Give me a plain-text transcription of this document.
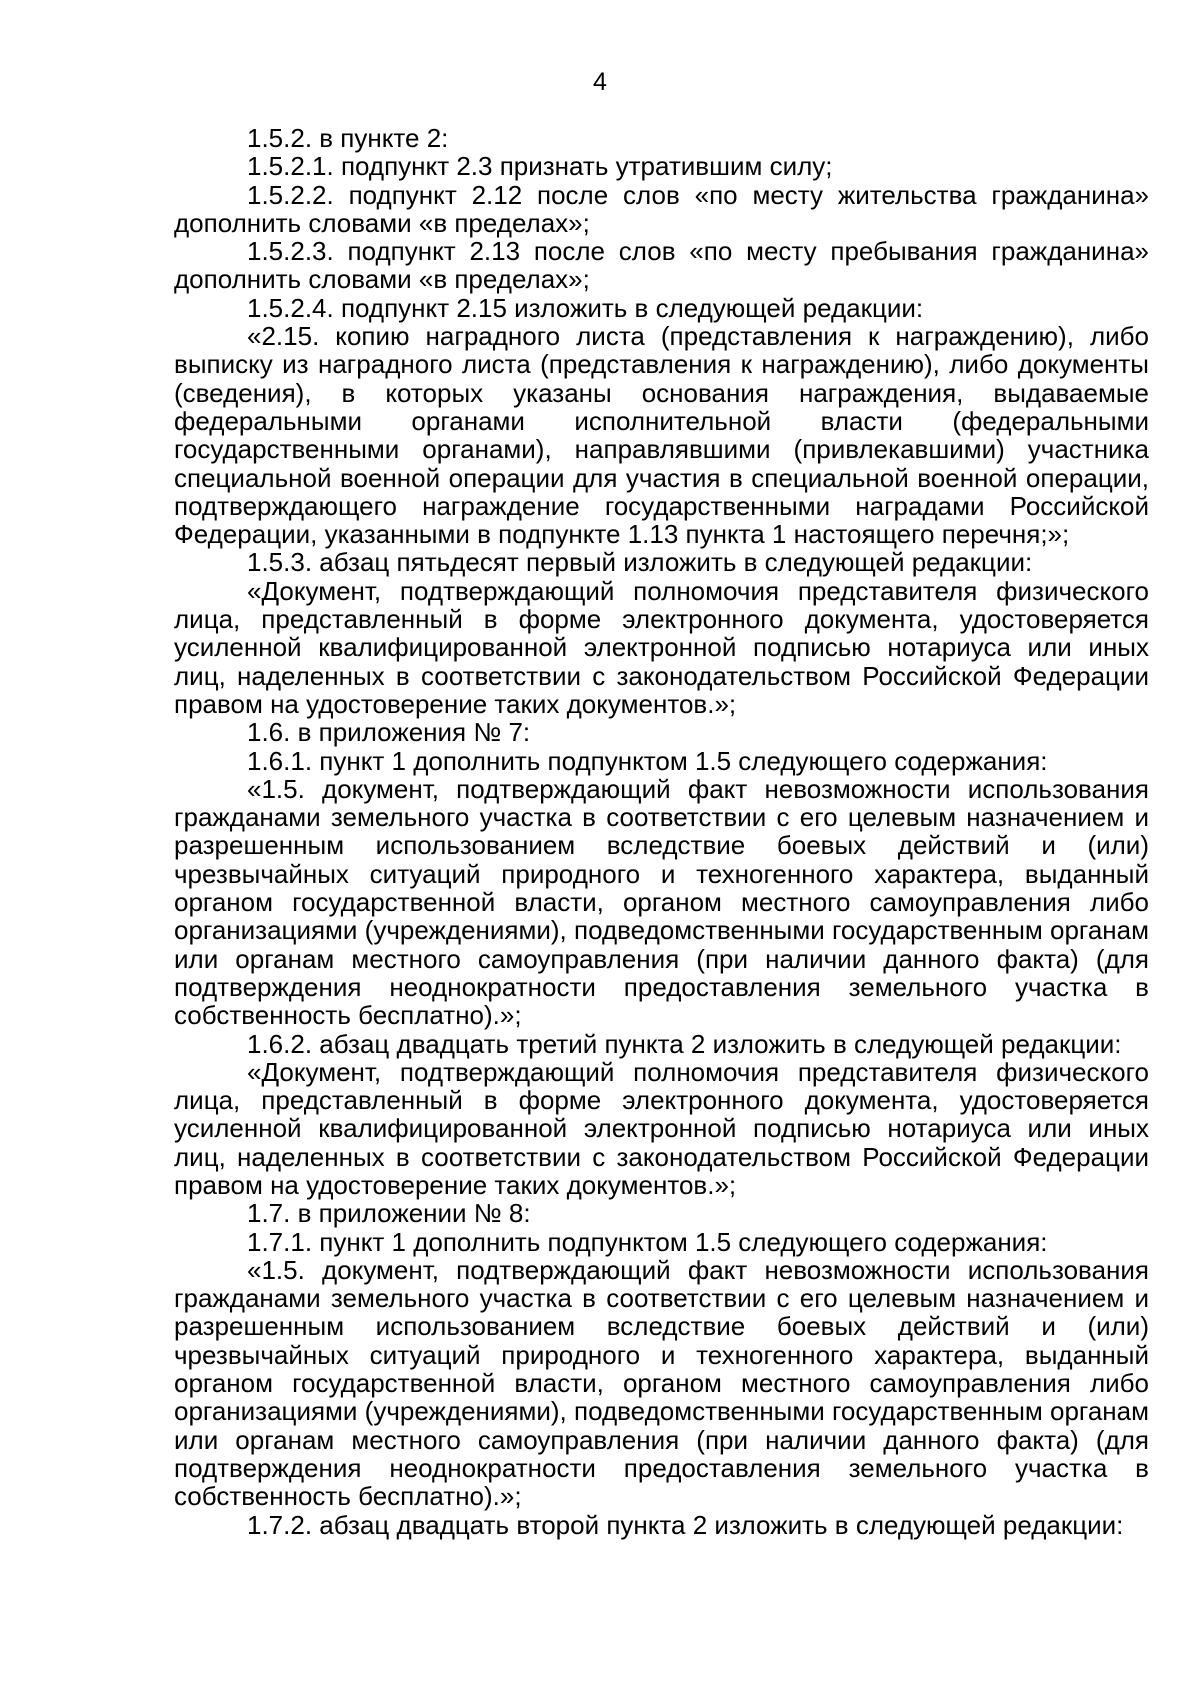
4

1.5.2. в пункте 2:

1.5.2.1. подпункт 2.3 признать утратившим силу;

1.5.2.2. подпункт 2.12 после слов «по месту жительства гражданина» дополнить словами «в пределах»;

1.5.2.3. подпункт 2.13 после слов «по месту пребывания гражданина» дополнить словами «в пределах»;

1.5.2.4. подпункт 2.15 изложить в следующей редакции:

«2.15. копию наградного листа (представления к награждению), либо выписку из наградного листа (представления к награждению), либо документы (сведения), в которых указаны основания награждения, выдаваемые федеральными органами исполнительной власти (федеральными государственными органами), направлявшими (привлекавшими) участника специальной военной операции для участия в специальной военной операции, подтверждающего награждение государственными наградами Российской Федерации, указанными в подпункте 1.13 пункта 1 настоящего перечня;»;

1.5.3. абзац пятьдесят первый изложить в следующей редакции:

«Документ, подтверждающий полномочия представителя физического лица, представленный в форме электронного документа, удостоверяется усиленной квалифицированной электронной подписью нотариуса или иных лиц, наделенных в соответствии с законодательством Российской Федерации правом на удостоверение таких документов.»;

1.6. в приложения № 7:

1.6.1. пункт 1 дополнить подпунктом 1.5 следующего содержания:

«1.5. документ, подтверждающий факт невозможности использования гражданами земельного участка в соответствии с его целевым назначением и разрешенным использованием вследствие боевых действий и (или) чрезвычайных ситуаций природного и техногенного характера, выданный органом государственной власти, органом местного самоуправления либо организациями (учреждениями), подведомственными государственным органам или органам местного самоуправления (при наличии данного факта) (для подтверждения неоднократности предоставления земельного участка в собственность бесплатно).»;

1.6.2. абзац двадцать третий пункта 2 изложить в следующей редакции:

«Документ, подтверждающий полномочия представителя физического лица, представленный в форме электронного документа, удостоверяется усиленной квалифицированной электронной подписью нотариуса или иных лиц, наделенных в соответствии с законодательством Российской Федерации правом на удостоверение таких документов.»;

1.7. в приложении № 8:

1.7.1. пункт 1 дополнить подпунктом 1.5 следующего содержания:

«1.5. документ, подтверждающий факт невозможности использования гражданами земельного участка в соответствии с его целевым назначением и разрешенным использованием вследствие боевых действий и (или) чрезвычайных ситуаций природного и техногенного характера, выданный органом государственной власти, органом местного самоуправления либо организациями (учреждениями), подведомственными государственным органам или органам местного самоуправления (при наличии данного факта) (для подтверждения неоднократности предоставления земельного участка в собственность бесплатно).»;

1.7.2. абзац двадцать второй пункта 2 изложить в следующей редакции:
